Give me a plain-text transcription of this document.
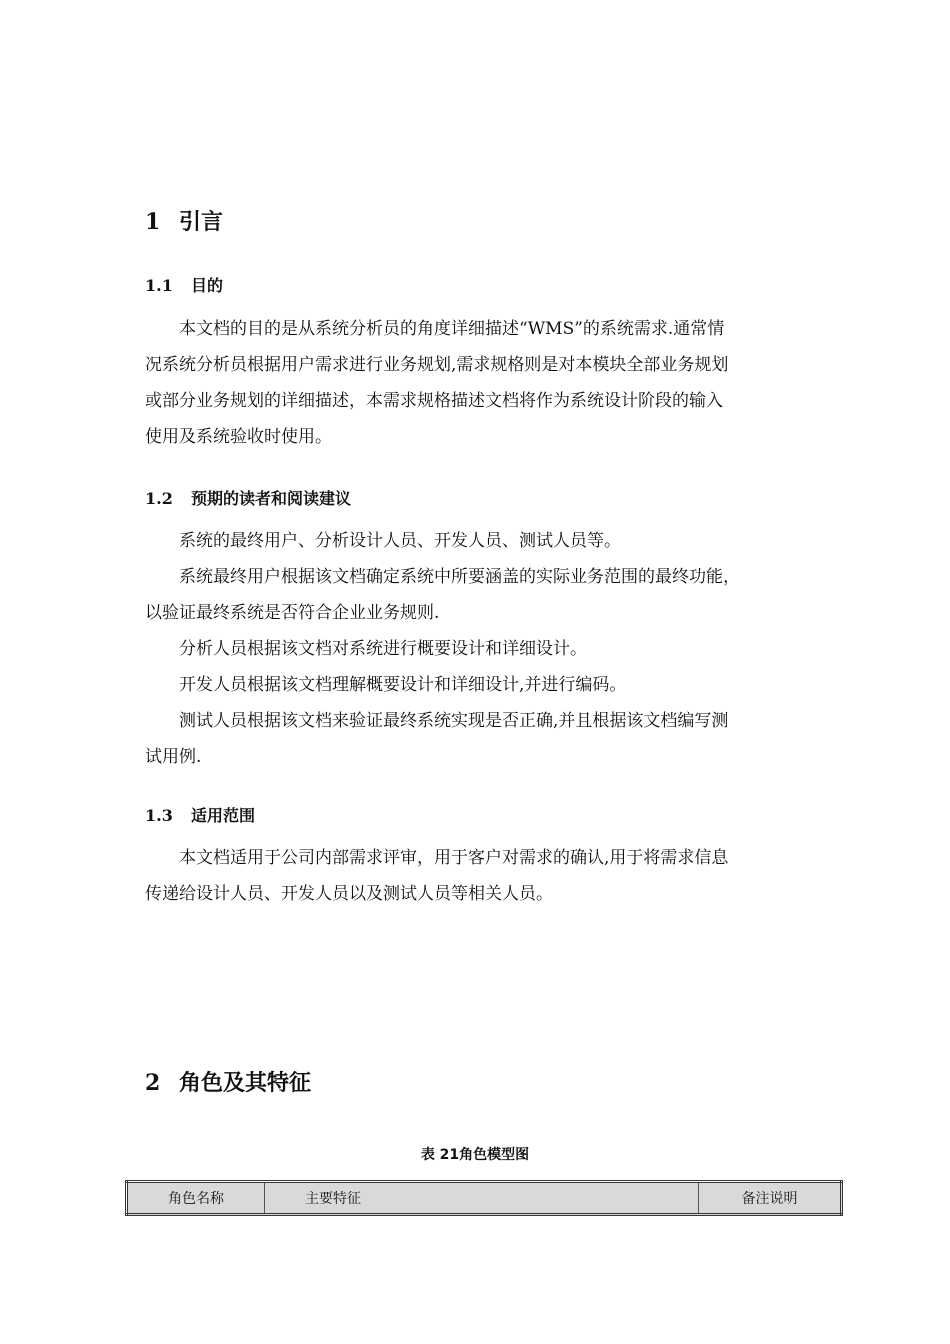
1 引言
1.1 目的
本文档的目的是从系统分析员的角度详细描述“WMS”的系统需求.通常情
况系统分析员根据用户需求进行业务规划,需求规格则是对本模块全部业务规划
或部分业务规划的详细描述，本需求规格描述文档将作为系统设计阶段的输入
使用及系统验收时使用。
1.2 预期的读者和阅读建议
系统的最终用户、分析设计人员、开发人员、测试人员等。
系统最终用户根据该文档确定系统中所要涵盖的实际业务范围的最终功能，
以验证最终系统是否符合企业业务规则.
分析人员根据该文档对系统进行概要设计和详细设计。
开发人员根据该文档理解概要设计和详细设计,并进行编码。
测试人员根据该文档来验证最终系统实现是否正确,并且根据该文档编写测
试用例.
1.3 适用范围
本文档适用于公司内部需求评审，用于客户对需求的确认,用于将需求信息
传递给设计人员、开发人员以及测试人员等相关人员。
2 角色及其特征
表 21角色模型图
角色名称	主要特征	备注说明
